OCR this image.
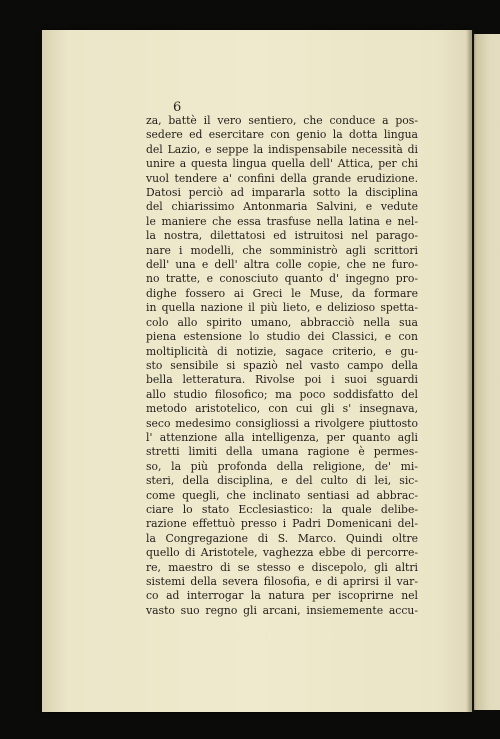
6
za, battè il vero sentiero, che conduce a pos-
sedere ed esercitare con genio la dotta lingua
del Lazio, e seppe la indispensabile necessità di
unire a questa lingua quella dell' Attica, per chi
vuol tendere a' confini della grande erudizione.
Datosi perciò ad impararla sotto la disciplina
del chiarissimo Antonmaria Salvini, e vedute
le maniere che essa trasfuse nella latina e nel-
la nostra, dilettatosi ed istruitosi nel parago-
nare i modelli, che somministrò agli scrittori
dell' una e dell' altra colle copie, che ne furo-
no tratte, e conosciuto quanto d' ingegno pro-
dighe fossero ai Greci le Muse, da formare
in quella nazione il più lieto, e delizioso spetta-
colo allo spirito umano, abbracciò nella sua
piena estensione lo studio dei Classici, e con
moltiplicità di notizie, sagace criterio, e gu-
sto sensibile si spaziò nel vasto campo della
bella letteratura. Rivolse poi i suoi sguardi
allo studio filosofico; ma poco soddisfatto del
metodo aristotelico, con cui gli s' insegnava,
seco medesimo consigliossi a rivolgere piuttosto
l' attenzione alla intelligenza, per quanto agli
stretti limiti della umana ragione è permes-
so, la più profonda della religione, de' mi-
steri, della disciplina, e del culto di lei, sic-
come quegli, che inclinato sentiasi ad abbrac-
ciare lo stato Ecclesiastico: la quale delibe-
razione effettuò presso i Padri Domenicani del-
la Congregazione di S. Marco. Quindi oltre
quello di Aristotele, vaghezza ebbe di percorre-
re, maestro di se stesso e discepolo, gli altri
sistemi della severa filosofia, e di aprirsi il var-
co ad interrogar la natura per iscoprirne nel
vasto suo regno gli arcani, insiememente accu-
